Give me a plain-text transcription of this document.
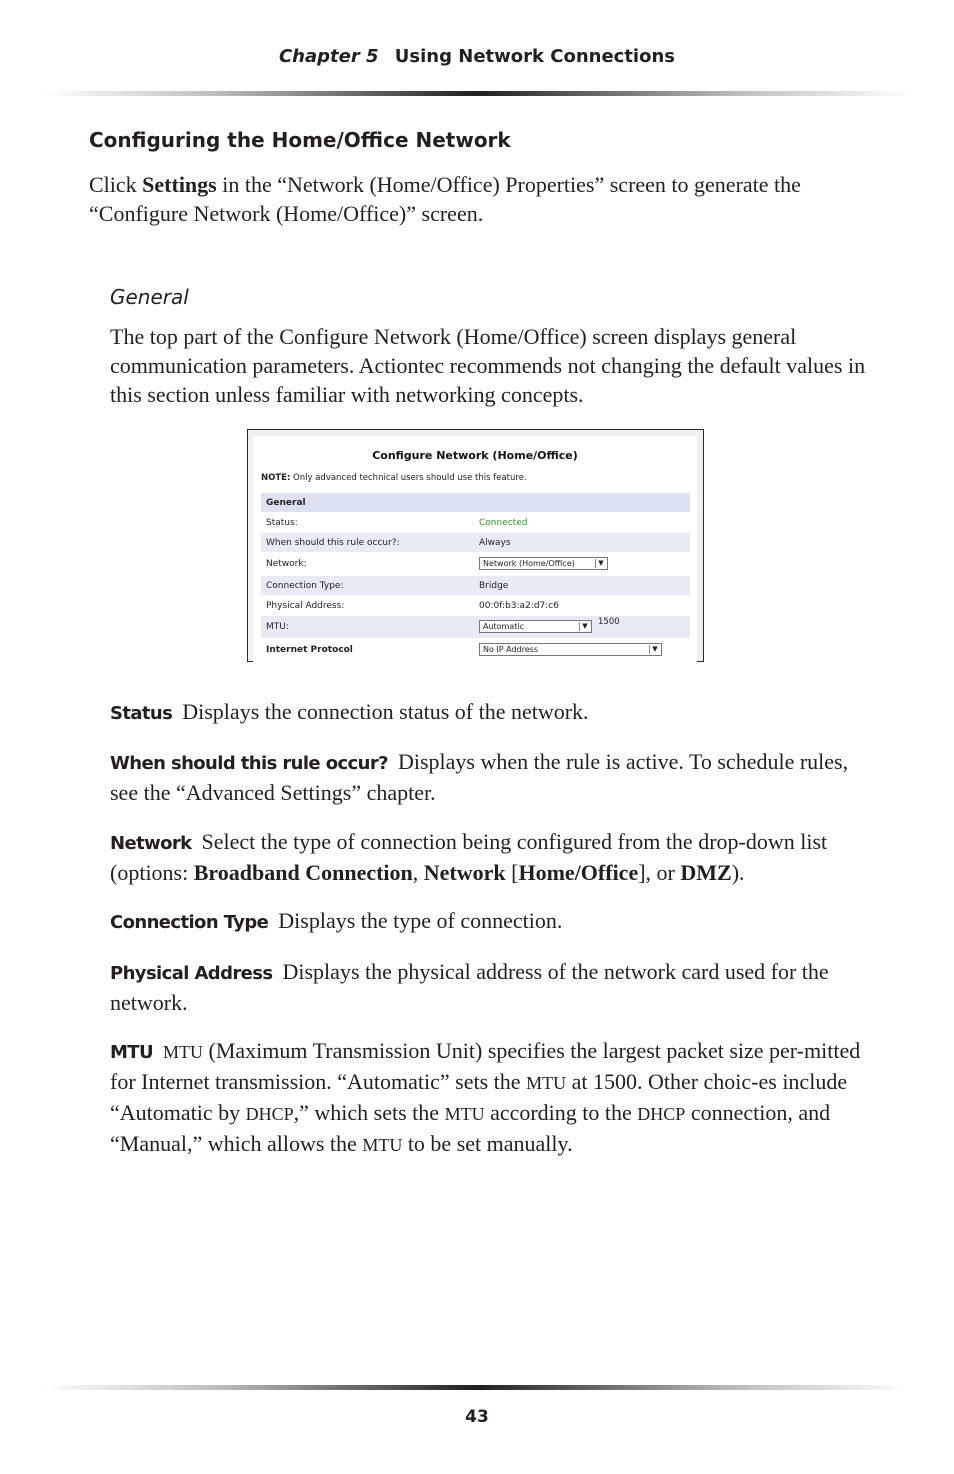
Chapter 5 Using Network Connections
Configuring the Home/Office Network

Click Settings in the “Network (Home/Office) Properties” screen to generate the “Configure Network (Home/Office)” screen.

General

The top part of the Configure Network (Home/Office) screen displays general communication parameters. Actiontec recommends not changing the default values in this section unless familiar with networking concepts.

Configure Network (Home/Office)
NOTE: Only advanced technical users should use this feature.
General
Status:	Connected
When should this rule occur?:	Always
Network:	Network (Home/Office)	▼
Connection Type:	Bridge
Physical Address:	00:0f:b3:a2:d7:c6
MTU:	Automatic	▼ 1500
Internet Protocol	No IP Address	▼

Status Displays the connection status of the network.

When should this rule occur? Displays when the rule is active. To schedule rules, see the “Advanced Settings” chapter.

Network Select the type of connection being configured from the drop-down list (options: Broadband Connection, Network [Home/Office], or DMZ).

Connection Type Displays the type of connection.

Physical Address Displays the physical address of the network card used for the network.

MTU MTU (Maximum Transmission Unit) specifies the largest packet size per-mitted for Internet transmission. “Automatic” sets the MTU at 1500. Other choic-es include “Automatic by DHCP,” which sets the MTU according to the DHCP connection, and “Manual,” which allows the MTU to be set manually.

43
